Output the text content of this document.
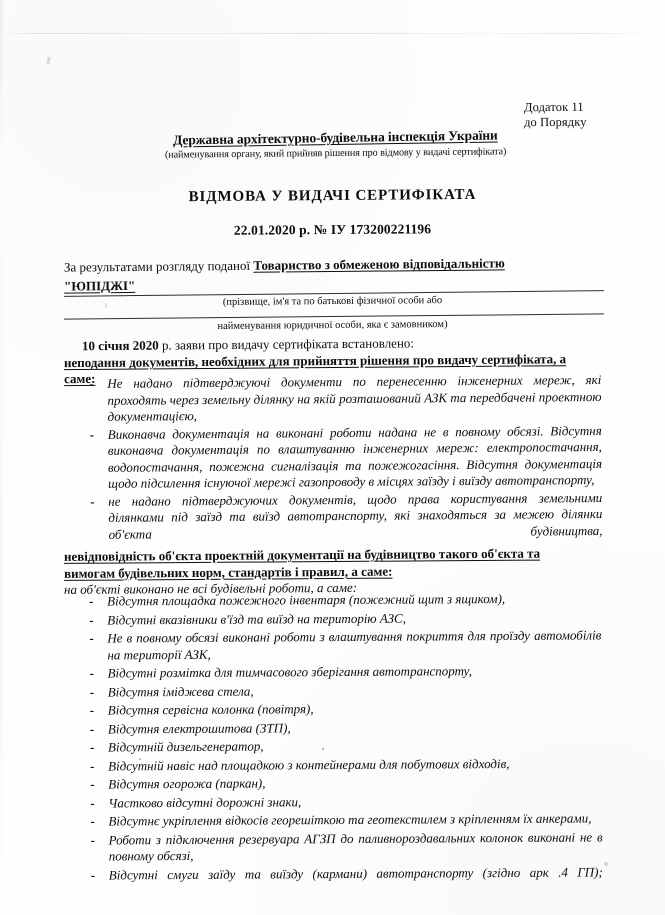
Додаток 11
до Порядку
Державна архітектурно-будівельна інспекція України
(найменування органу, який прийняв рішення про відмову у видачі сертифіката)
ВІДМОВА У ВИДАЧІ СЕРТИФІКАТА
22.01.2020 р. № ІУ 173200221196
За результатами розгляду поданої Товариство з обмеженою відповідальністю
"ЮПІДЖІ"
(прізвище, ім'я та по батькові фізичної особи або
найменування юридичної особи, яка є замовником)
10 січня 2020 р. заяви про видачу сертифіката встановлено:
неподання документів, необхідних для прийняття рішення про видачу сертифіката, а
саме: - Не надано підтверджуючі документи по перенесенню інженерних мереж, які проходять через земельну ділянку на якій розташований АЗК та передбачені проектною документацією,
- Виконавча документація на виконані роботи надана не в повному обсязі. Відсутня виконавча документація по влаштуванню інженерних мереж: електропостачання, водопостачання, пожежна сигналізація та пожежогасіння. Відсутня документація щодо підсилення існуючої мережі газопроводу в місцях заїзду і виїзду автотранспорту,
- не надано підтверджуючих документів, щодо права користування земельними ділянками під заїзд та виїзд автотранспорту, які знаходяться за межею ділянки об'єкта будівництва,
невідповідність об'єкта проектній документації на будівництво такого об'єкта та
вимогам будівельних норм, стандартів і правил, а саме:
на об'єкті виконано не всі будівельні роботи, а саме:
- Відсутня площадка пожежного інвентаря (пожежний щит з ящиком),
- Відсутні вказівники в'їзд та виїзд на територію АЗС,
- Не в повному обсязі виконані роботи з влаштування покриття для проїзду автомобілів на території АЗК,
- Відсутні розмітка для тимчасового зберігання автотранспорту,
- Відсутня іміджева стела,
- Відсутня сервісна колонка (повітря),
- Відсутня електрошитова (ЗТП),
- Відсутній дизельгенератор,
- Відсутній навіс над площадкою з контейнерами для побутових відходів,
- Відсутня огорожа (паркан),
- Частково відсутні дорожні знаки,
- Відсутнє укріплення відкосів георешіткою та геотекстилем з кріпленням їх анкерами,
- Роботи з підключення резервуара АГЗП до паливнороздавальних колонок виконані не в повному обсязі,
- Відсутні смуги заїду та виїзду (кармани) автотранспорту (згідно арк .4 ГП);
